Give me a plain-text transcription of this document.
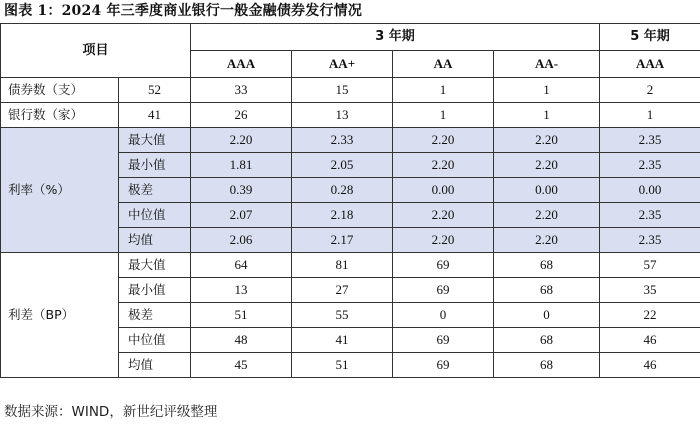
图表 1：2024 年三季度商业银行一般金融债券发行情况
项目		3 年期				5 年期
		AAA	AA+	AA	AA-	AAA
债券数（支）	52	33	15	1	1	2
银行数（家）	41	26	13	1	1	1
利率（%）	最大值	2.20	2.33	2.20	2.20	2.35
	最小值	1.81	2.05	2.20	2.20	2.35
	极差	0.39	0.28	0.00	0.00	0.00
	中位值	2.07	2.18	2.20	2.20	2.35
	均值	2.06	2.17	2.20	2.20	2.35
利差（BP）	最大值	64	81	69	68	57
	最小值	13	27	69	68	35
	极差	51	55	0	0	22
	中位值	48	41	69	68	46
	均值	45	51	69	68	46
数据来源：WIND，新世纪评级整理
